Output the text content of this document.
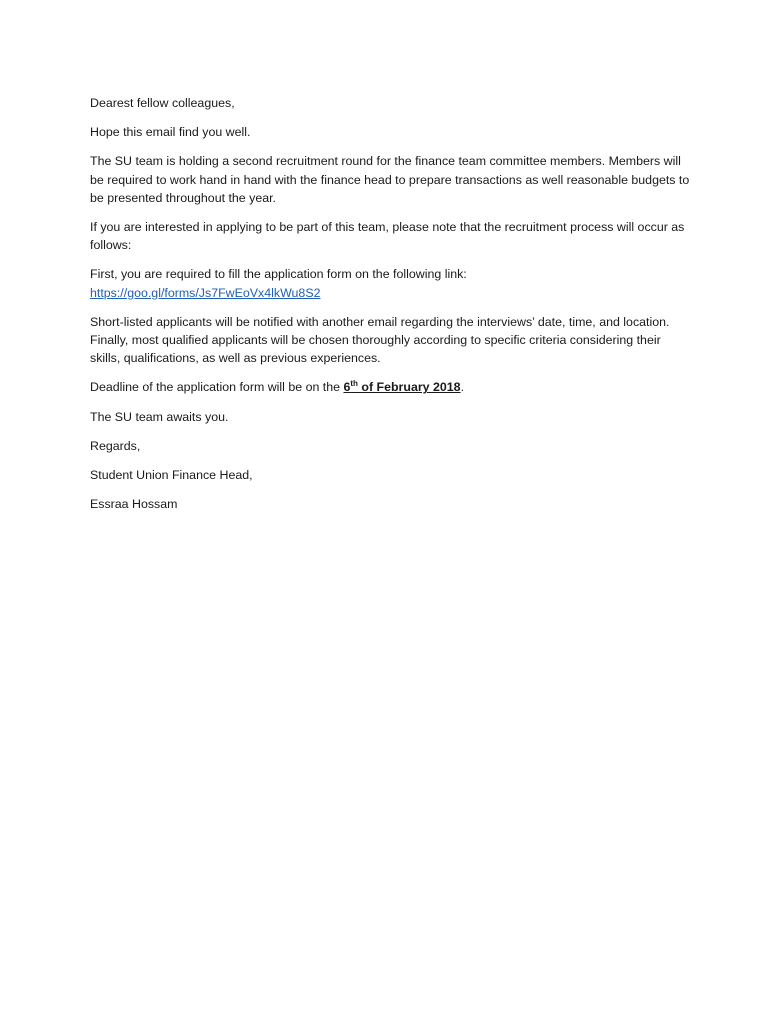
Dearest fellow colleagues,

Hope this email find you well.

The SU team is holding a second recruitment round for the finance team committee members. Members will be required to work hand in hand with the finance head to prepare transactions as well reasonable budgets to be presented throughout the year.

If you are interested in applying to be part of this team, please note that the recruitment process will occur as follows:

First, you are required to fill the application form on the following link:
https://goo.gl/forms/Js7FwEoVx4lkWu8S2

Short-listed applicants will be notified with another email regarding the interviews’ date, time, and location. Finally, most qualified applicants will be chosen thoroughly according to specific criteria considering their skills, qualifications, as well as previous experiences.

Deadline of the application form will be on the 6th of February 2018.

The SU team awaits you.

Regards,

Student Union Finance Head,

Essraa Hossam
